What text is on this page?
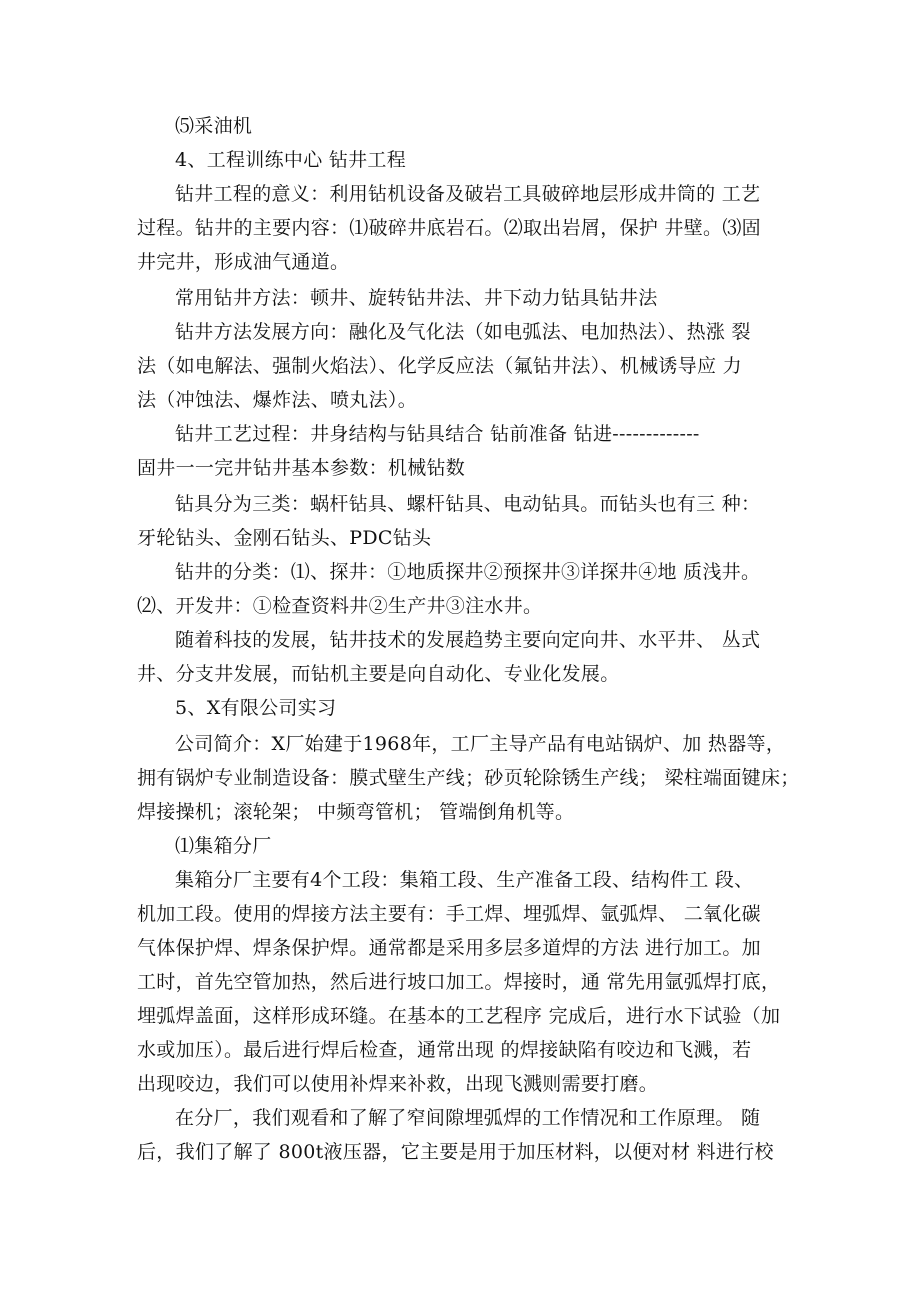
⑸采油机

4、工程训练中心 钻井工程

钻井工程的意义：利用钻机设备及破岩工具破碎地层形成井筒的 工艺

过程。钻井的主要内容：⑴破碎井底岩石。⑵取出岩屑，保护 井壁。⑶固

井完井，形成油气通道。

常用钻井方法：顿井、旋转钻井法、井下动力钻具钻井法

钻井方法发展方向：融化及气化法（如电弧法、电加热法）、热涨 裂

法（如电解法、强制火焰法）、化学反应法（氟钻井法）、机械诱导应 力

法（冲蚀法、爆炸法、喷丸法）。

钻井工艺过程：井身结构与钻具结合 钻前准备 钻进-------------

固井一一完井钻井基本参数：机械钻数

钻具分为三类：蜗杆钻具、螺杆钻具、电动钻具。而钻头也有三 种：

牙轮钻头、金刚石钻头、PDC钻头

钻井的分类：⑴、探井：①地质探井②预探井③详探井④地 质浅井。

⑵、开发井：①检查资料井②生产井③注水井。

随着科技的发展，钻井技术的发展趋势主要向定向井、水平井、 丛式

井、分支井发展，而钻机主要是向自动化、专业化发展。

5、X有限公司实习

公司简介：X厂始建于1968年，工厂主导产品有电站锅炉、加 热器等，

拥有锅炉专业制造设备：膜式壁生产线；砂页轮除锈生产线； 梁柱端面键床；

焊接操机；滚轮架； 中频弯管机； 管端倒角机等。

⑴集箱分厂

集箱分厂主要有4个工段：集箱工段、生产准备工段、结构件工 段、

机加工段。使用的焊接方法主要有：手工焊、埋弧焊、氩弧焊、 二氧化碳

气体保护焊、焊条保护焊。通常都是采用多层多道焊的方法 进行加工。加

工时，首先空管加热，然后进行坡口加工。焊接时，通 常先用氩弧焊打底，

埋弧焊盖面，这样形成环缝。在基本的工艺程序 完成后，进行水下试验（加

水或加压）。最后进行焊后检查，通常出现 的焊接缺陷有咬边和飞溅，若

出现咬边，我们可以使用补焊来补救，出现飞溅则需要打磨。

在分厂，我们观看和了解了窄间隙埋弧焊的工作情况和工作原理。 随

后，我们了解了 800t液压器，它主要是用于加压材料，以便对材 料进行校
